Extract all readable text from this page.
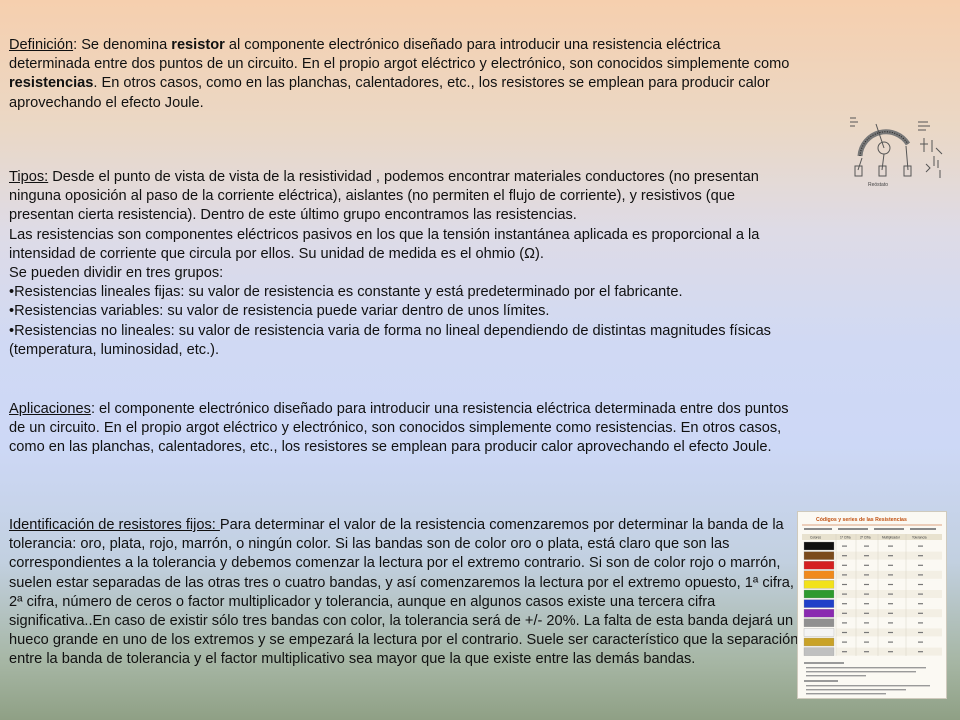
Definición: Se denomina resistor al componente electrónico diseñado para introducir una resistencia eléctrica determinada entre dos puntos de un circuito. En el propio argot eléctrico y electrónico, son conocidos simplemente como resistencias. En otros casos, como en las planchas, calentadores, etc., los resistores se emplean para producir calor aprovechando el efecto Joule.

Tipos: Desde el punto de vista de vista de la resistividad , podemos encontrar materiales conductores (no presentan ninguna oposición al paso de la corriente eléctrica), aislantes (no permiten el flujo de corriente), y resistivos (que presentan cierta resistencia). Dentro de este último grupo encontramos las resistencias.

Las resistencias son componentes eléctricos pasivos en los que la tensión instantánea aplicada es proporcional a la intensidad de corriente que circula por ellos. Su unidad de medida es el ohmio (Ω).

Se pueden dividir en tres grupos:

•Resistencias lineales fijas: su valor de resistencia es constante y está predeterminado por el fabricante.

•Resistencias variables: su valor de resistencia puede variar dentro de unos límites.

•Resistencias no lineales: su valor de resistencia varia de forma no lineal dependiendo de distintas magnitudes físicas (temperatura, luminosidad, etc.).

Aplicaciones: el componente electrónico diseñado para introducir una resistencia eléctrica determinada entre dos puntos de un circuito. En el propio argot eléctrico y electrónico, son conocidos simplemente como resistencias. En otros casos, como en las planchas, calentadores, etc., los resistores se emplean para producir calor aprovechando el efecto Joule.

Identificación de resistores fijos: Para determinar el valor de la resistencia comenzaremos por determinar la banda de la tolerancia: oro, plata, rojo, marrón, o ningún color. Si las bandas son de color oro o plata, está claro que son las correspondientes a la tolerancia y debemos comenzar la lectura por el extremo contrario. Si son de color rojo o marrón, suelen estar separadas de las otras tres o cuatro bandas, y así comenzaremos la lectura por el extremo opuesto, 1ª cifra, 2ª cifra, número de ceros o factor multiplicador y tolerancia, aunque en algunos casos existe una tercera cifra significativa..En caso de existir sólo tres bandas con color, la tolerancia será de +/- 20%. La falta de esta banda dejará un hueco grande en uno de los extremos y se empezará la lectura por el contrario. Suele ser característico que la separación entre la banda de tolerancia y el factor multiplicativo sea mayor que la que existe entre las demás bandas.

Reóstato
Códigos y series de las Resistencias
Colores	1ª Cifra	2ª Cifra	Multiplicador	Tolerancia
